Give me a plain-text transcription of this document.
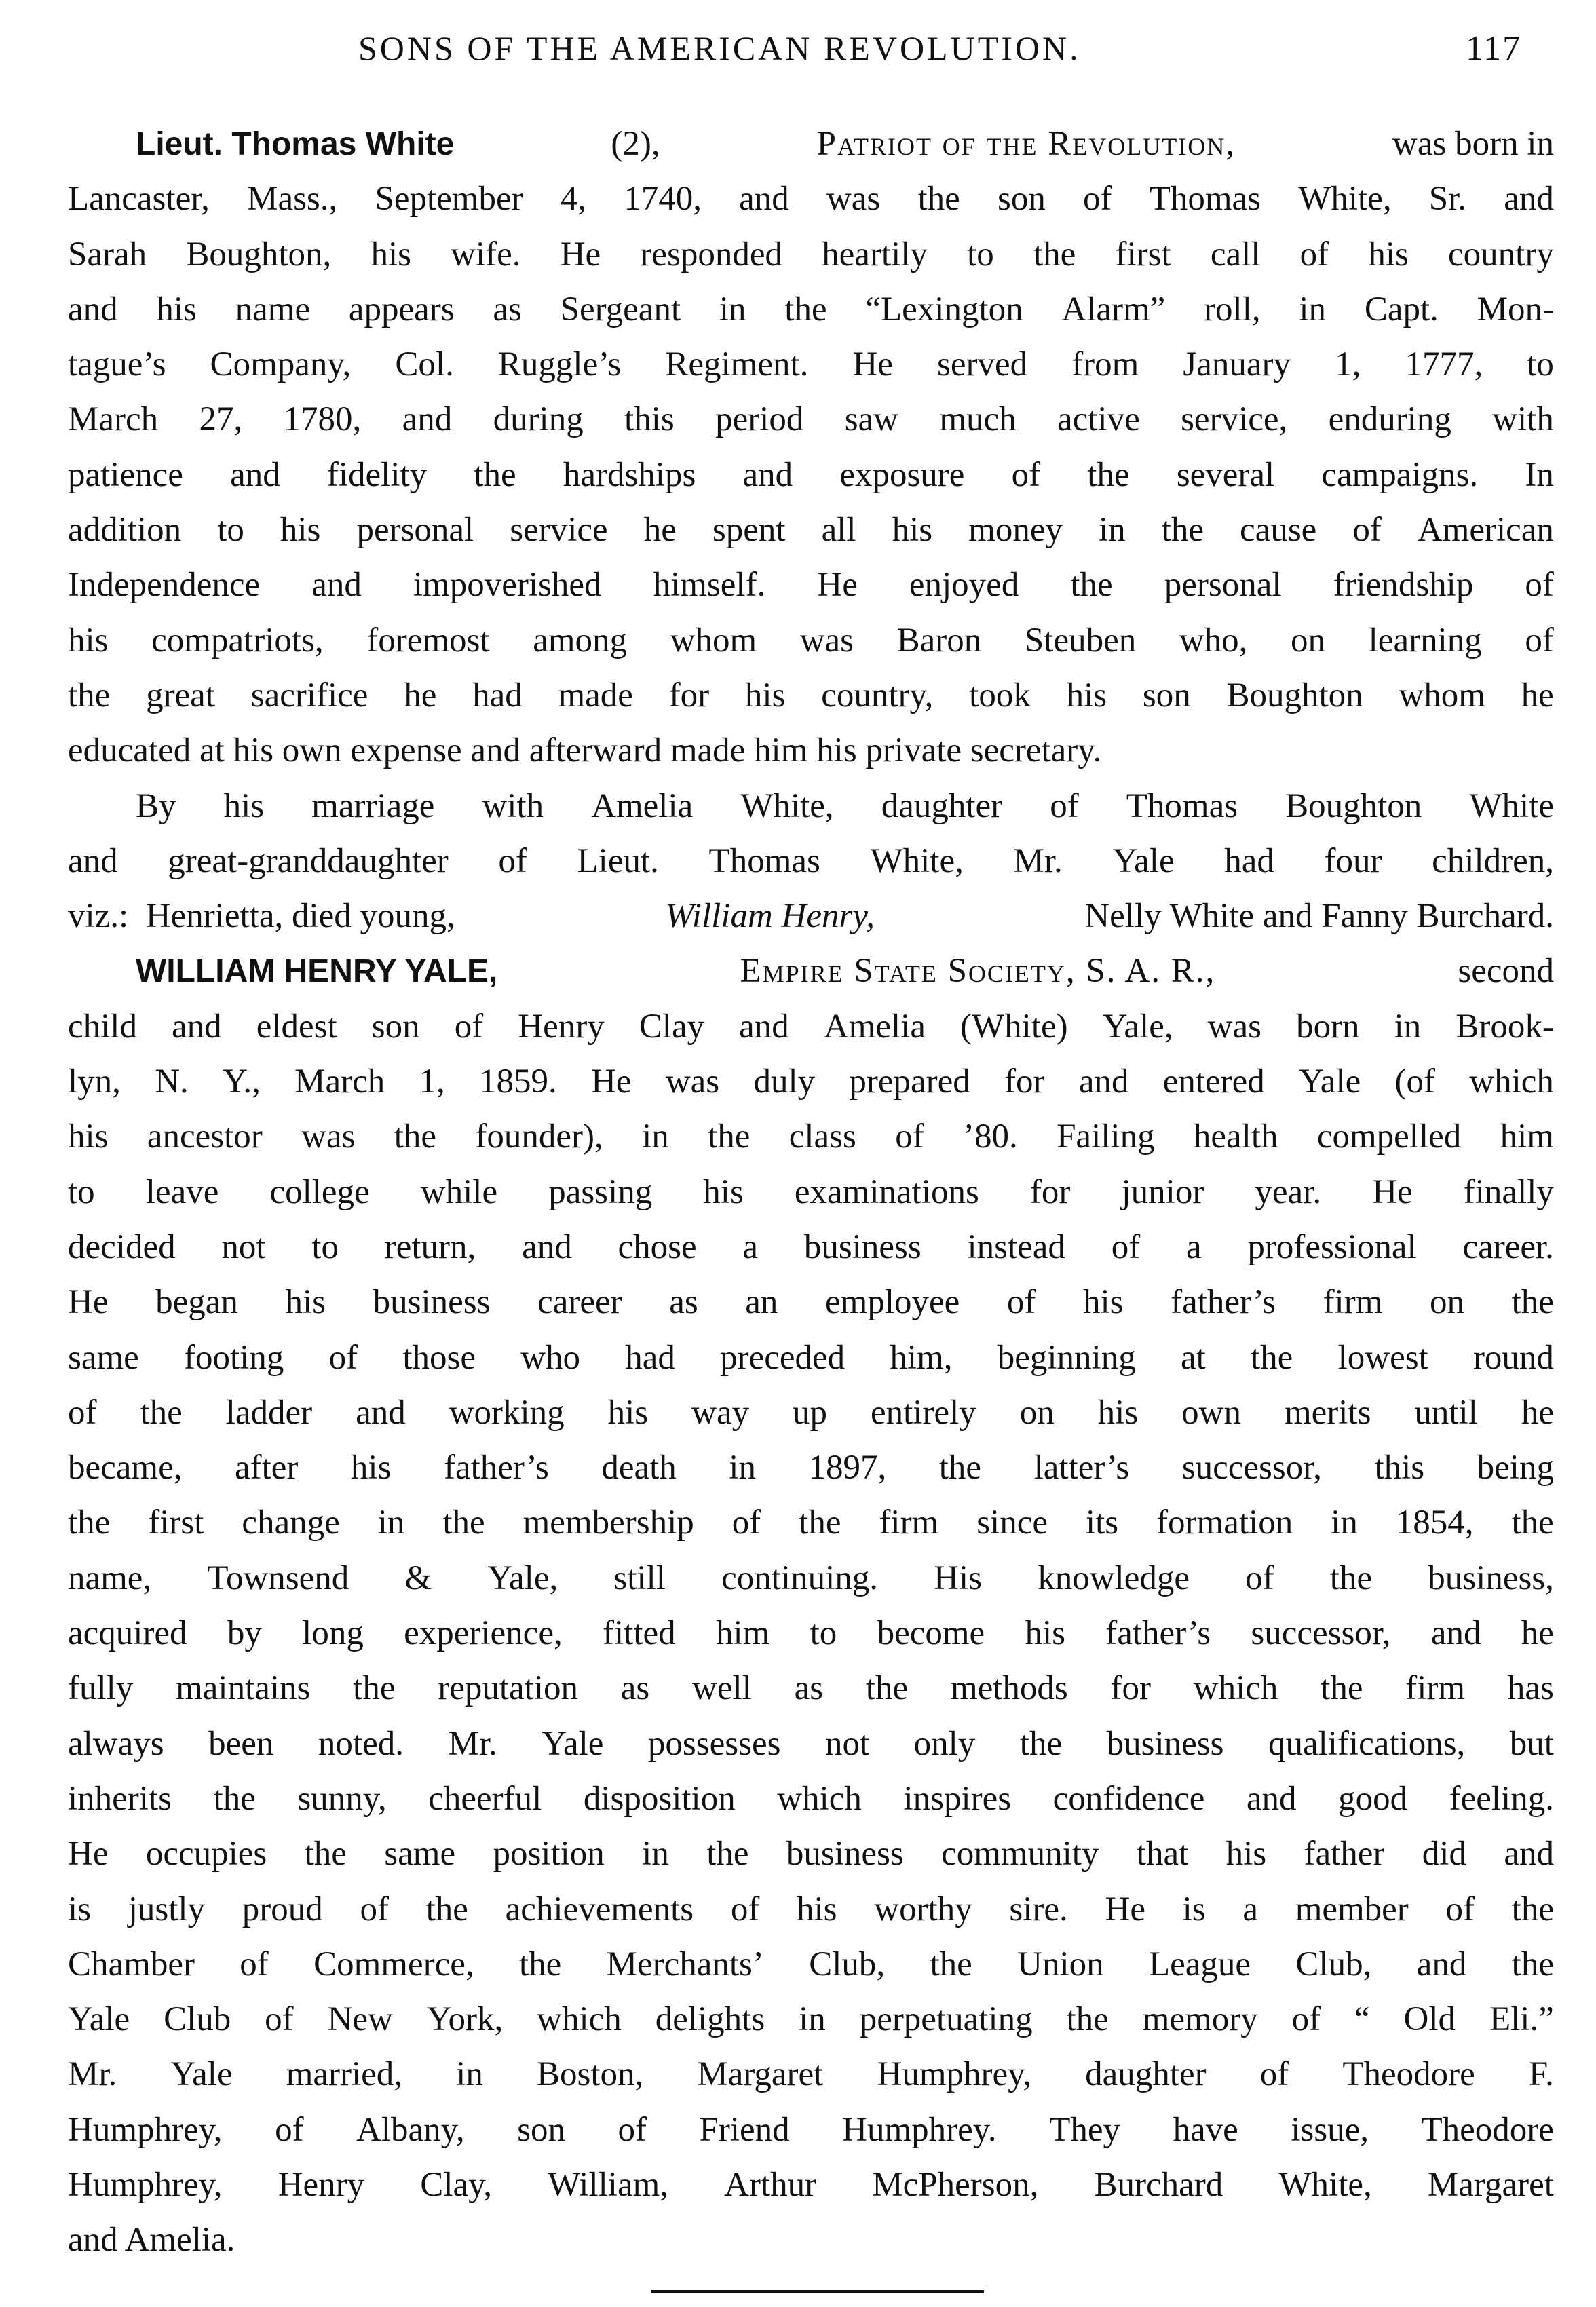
SONS OF THE AMERICAN REVOLUTION.	117
Lieut. Thomas White	(2),	Patriot of the Revolution,	was born in
Lancaster, Mass., September 4, 1740, and was the son of Thomas White, Sr. and
Sarah Boughton, his wife. He responded heartily to the first call of his country
and his name appears as Sergeant in the “Lexington Alarm” roll, in Capt. Mon-
tague’s Company, Col. Ruggle’s Regiment. He served from January 1, 1777, to
March 27, 1780, and during this period saw much active service, enduring with
patience and fidelity the hardships and exposure of the several campaigns. In
addition to his personal service he spent all his money in the cause of American
Independence and impoverished himself. He enjoyed the personal friendship of
his compatriots, foremost among whom was Baron Steuben who, on learning of
the great sacrifice he had made for his country, took his son Boughton whom he
educated at his own expense and afterward made him his private secretary.
By his marriage with Amelia White, daughter of Thomas Boughton White
and great-granddaughter of Lieut. Thomas White, Mr. Yale had four children,
viz.:  Henrietta, died young,	William Henry,	Nelly White and Fanny Burchard.
WILLIAM HENRY YALE,	Empire State Society, S. A. R.,	second
child and eldest son of Henry Clay and Amelia (White) Yale, was born in Brook-
lyn, N. Y., March 1, 1859. He was duly prepared for and entered Yale (of which
his ancestor was the founder), in the class of ’80. Failing health compelled him
to leave college while passing his examinations for junior year. He finally
decided not to return, and chose a business instead of a professional career.
He began his business career as an employee of his father’s firm on the
same footing of those who had preceded him, beginning at the lowest round
of the ladder and working his way up entirely on his own merits until he
became, after his father’s death in 1897, the latter’s successor, this being
the first change in the membership of the firm since its formation in 1854, the
name, Townsend & Yale, still continuing. His knowledge of the business,
acquired by long experience, fitted him to become his father’s successor, and he
fully maintains the reputation as well as the methods for which the firm has
always been noted. Mr. Yale possesses not only the business qualifications, but
inherits the sunny, cheerful disposition which inspires confidence and good feeling.
He occupies the same position in the business community that his father did and
is justly proud of the achievements of his worthy sire. He is a member of the
Chamber of Commerce, the Merchants’ Club, the Union League Club, and the
Yale Club of New York, which delights in perpetuating the memory of “ Old Eli.”
Mr. Yale married, in Boston, Margaret Humphrey, daughter of Theodore F.
Humphrey, of Albany, son of Friend Humphrey. They have issue, Theodore
Humphrey, Henry Clay, William, Arthur McPherson, Burchard White, Margaret
and Amelia.
